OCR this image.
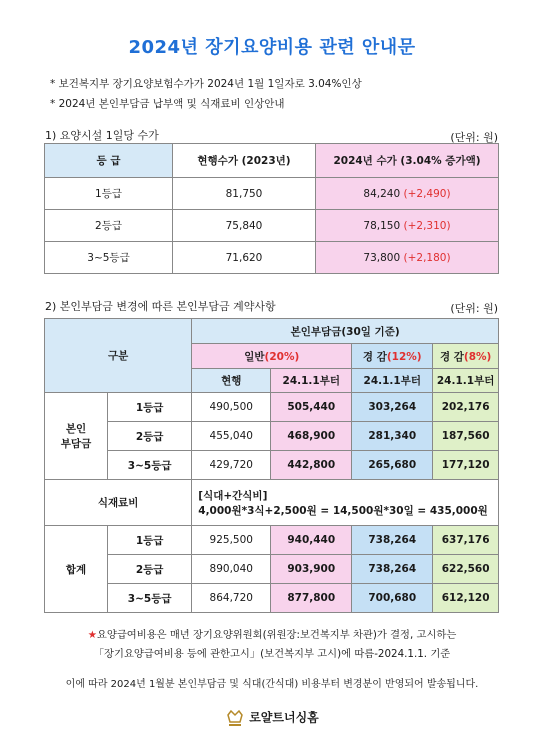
2024년 장기요양비용 관련 안내문
* 보건복지부 장기요양보험수가가 2024년 1월 1일자로 3.04%인상
* 2024년 본인부담금 납부액 및 식재료비 인상안내
1) 요양시설 1일당 수가	(단위: 원)
등 급	현행수가 (2023년)	2024년 수가 (3.04% 증가액)
1등급	81,750	84,240 (+2,490)
2등급	75,840	78,150 (+2,310)
3~5등급	71,620	73,800 (+2,180)
2) 본인부담금 변경에 따른 본인부담금 계약사항	(단위: 원)
구분		본인부담금(30일 기준)			
		일반(20%)		경 감(12%)	경 감(8%)
		현행	24.1.1부터	24.1.1부터	24.1.1부터
본인
부담금	1등급	490,500	505,440	303,264	202,176
	2등급	455,040	468,900	281,340	187,560
	3~5등급	429,720	442,800	265,680	177,120
식재료비		[식대+간식비]
4,000원*3식+2,500원 = 14,500원*30일 = 435,000원			

합계	1등급	925,500	940,440	738,264	637,176
	2등급	890,040	903,900	738,264	622,560
	3~5등급	864,720	877,800	700,680	612,120
★요양급여비용은 매년 장기요양위원회(위원장:보건복지부 차관)가 결정, 고시하는
「장기요양급여비용 등에 관한고시」(보건복지부 고시)에 따름-2024.1.1. 기준
이에 따라 2024년 1월분 본인부담금 및 식대(간식대) 비용부터 변경분이 반영되어 발송됩니다.
로얄트너싱홈
